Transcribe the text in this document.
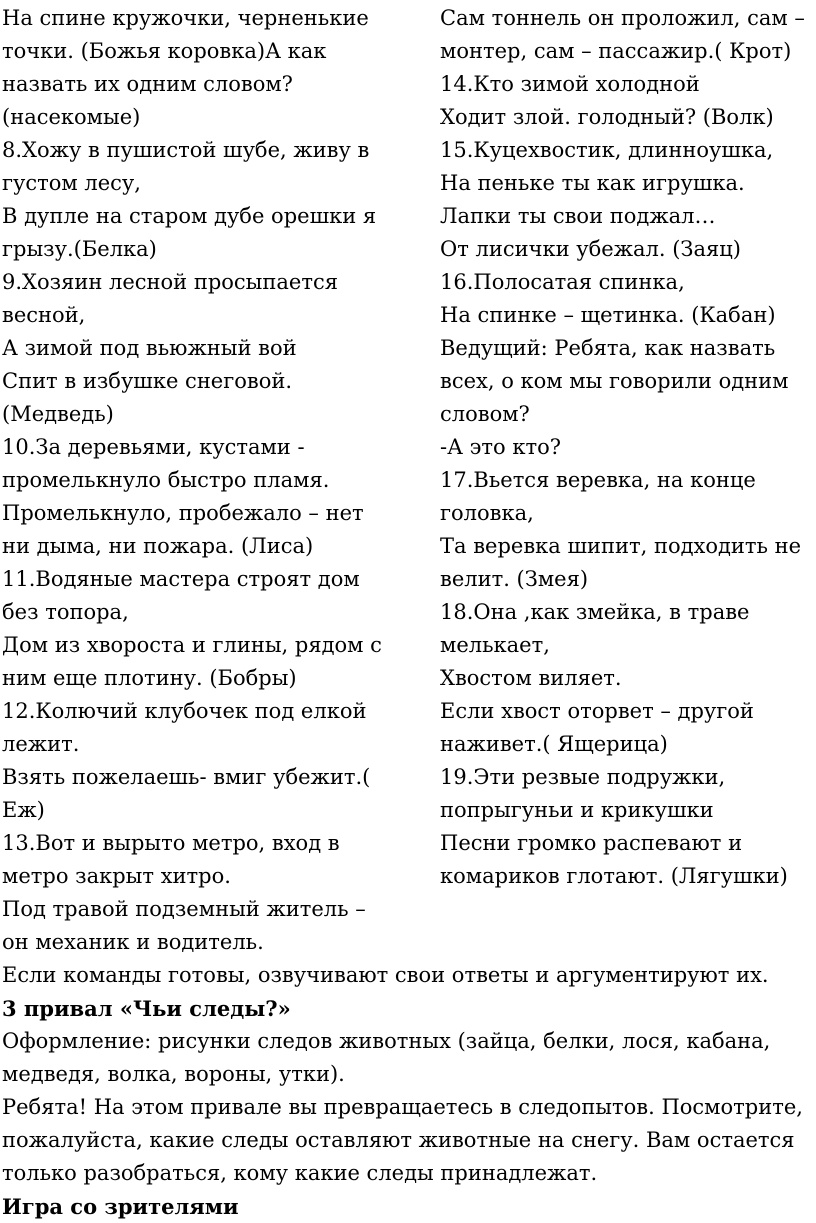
На спине кружочки, черненькие
точки. (Божья коровка)А как
назвать их одним словом?
(насекомые)
8.Хожу в пушистой шубе, живу в
густом лесу,
В дупле на старом дубе орешки я
грызу.(Белка)
9.Хозяин лесной просыпается
весной,
А зимой под вьюжный вой
Спит в избушке снеговой.
(Медведь)
10.За деревьями, кустами -
промелькнуло быстро пламя.
Промелькнуло, пробежало – нет
ни дыма, ни пожара. (Лиса)
11.Водяные мастера строят дом
без топора,
Дом из хвороста и глины, рядом с
ним еще плотину. (Бобры)
12.Колючий клубочек под елкой
лежит.
Взять пожелаешь- вмиг убежит.(
Еж)
13.Вот и вырыто метро, вход в
метро закрыт хитро.
Под травой подземный житель –
он механик и водитель.
Сам тоннель он проложил, сам –
монтер, сам – пассажир.( Крот)
14.Кто зимой холодной
Ходит злой. голодный? (Волк)
15.Куцехвостик, длинноушка,
На пеньке ты как игрушка.
Лапки ты свои поджал…
От лисички убежал. (Заяц)
16.Полосатая спинка,
На спинке – щетинка. (Кабан)
Ведущий: Ребята, как назвать
всех, о ком мы говорили одним
словом?
-А это кто?
17.Вьется веревка, на конце
головка,
Та веревка шипит, подходить не
велит. (Змея)
18.Она ,как змейка, в траве
мелькает,
Хвостом виляет.
Если хвост оторвет – другой
наживет.( Ящерица)
19.Эти резвые подружки,
попрыгуньи и крикушки
Песни громко распевают и
комариков глотают. (Лягушки)
Если команды готовы, озвучивают свои ответы и аргументируют их.
3 привал «Чьи следы?»
Оформление: рисунки следов животных (зайца, белки, лося, кабана,
медведя, волка, вороны, утки).
Ребята! На этом привале вы превращаетесь в следопытов. Посмотрите,
пожалуйста, какие следы оставляют животные на снегу. Вам остается
только разобраться, кому какие следы принадлежат.
Игра со зрителями
